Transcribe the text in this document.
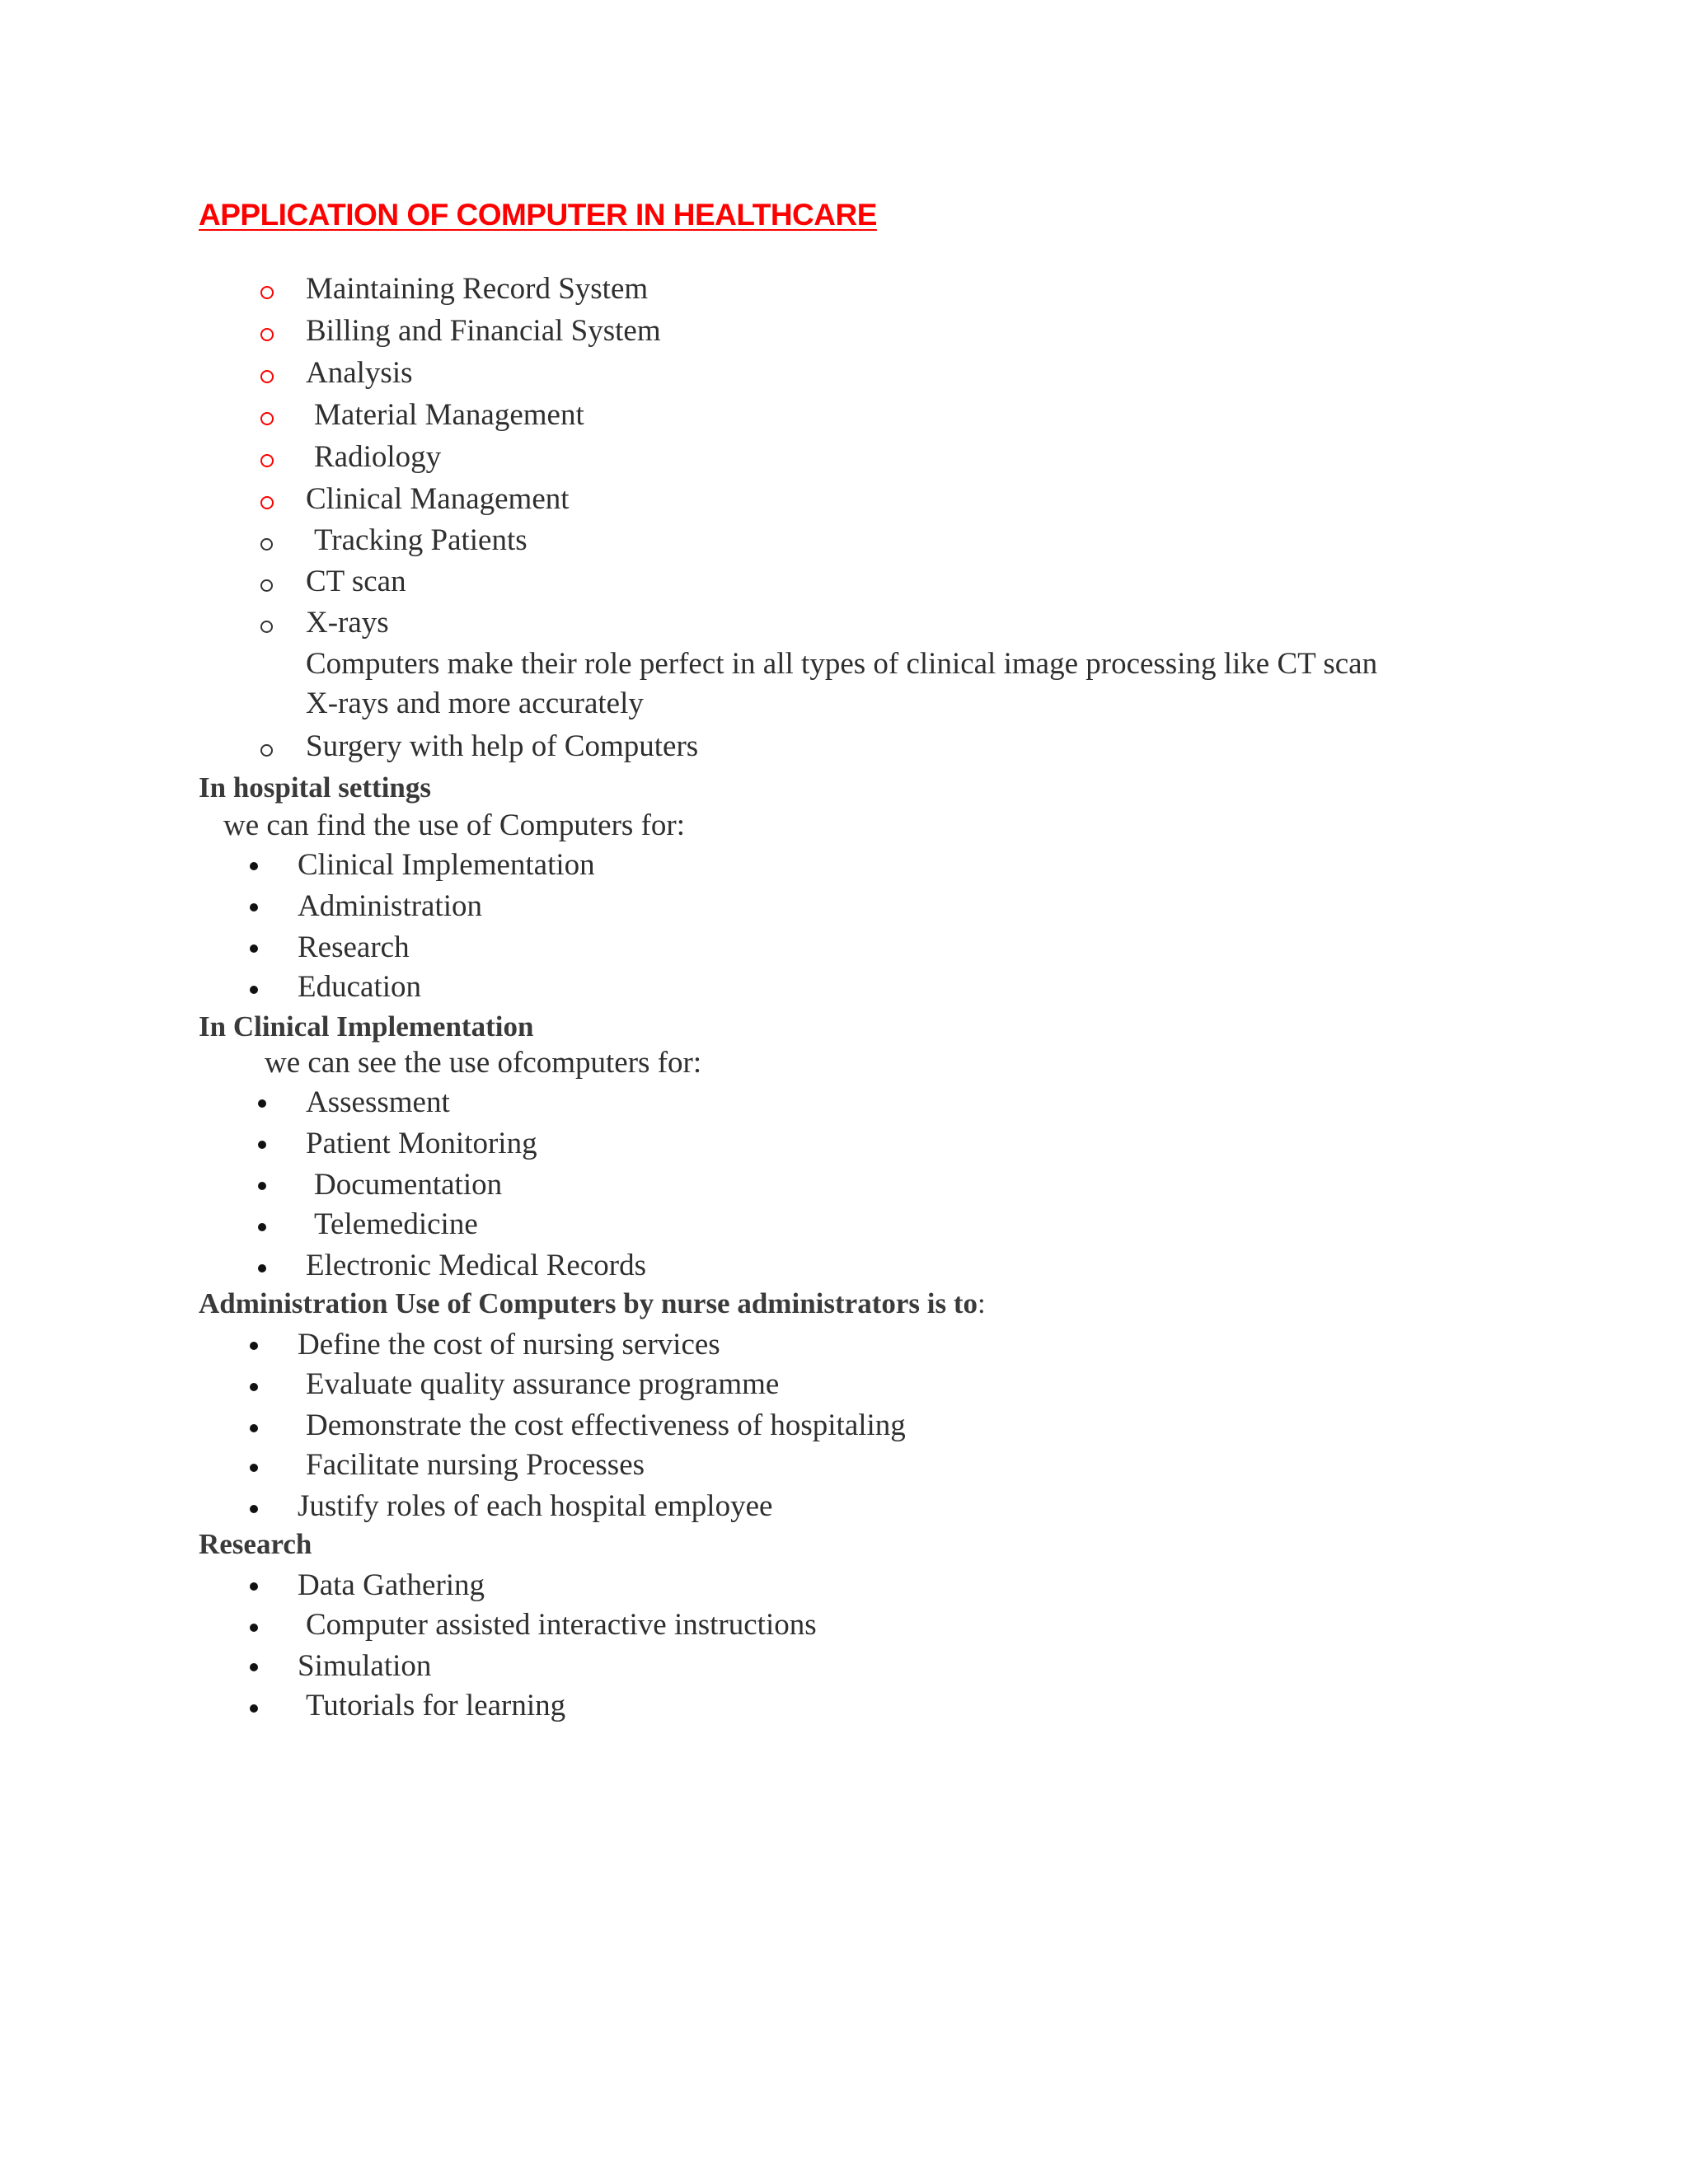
APPLICATION OF COMPUTER IN HEALTHCARE

Maintaining Record System

Billing and Financial System

Analysis

Material Management

Radiology

Clinical Management

Tracking Patients

CT scan

X-rays

Computers make their role perfect in all types of clinical image processing like CT scan

X-rays and more accurately

Surgery with help of Computers

In hospital settings

we can find the use of Computers for:

Clinical Implementation

Administration

Research

Education

In Clinical Implementation

we can see the use ofcomputers for:

Assessment

Patient Monitoring

Documentation

Telemedicine

Electronic Medical Records

Administration Use of Computers by nurse administrators is to:

Define the cost of nursing services

Evaluate quality assurance programme

Demonstrate the cost effectiveness of hospitaling

Facilitate nursing Processes

Justify roles of each hospital employee

Research

Data Gathering

Computer assisted interactive instructions

Simulation

Tutorials for learning
